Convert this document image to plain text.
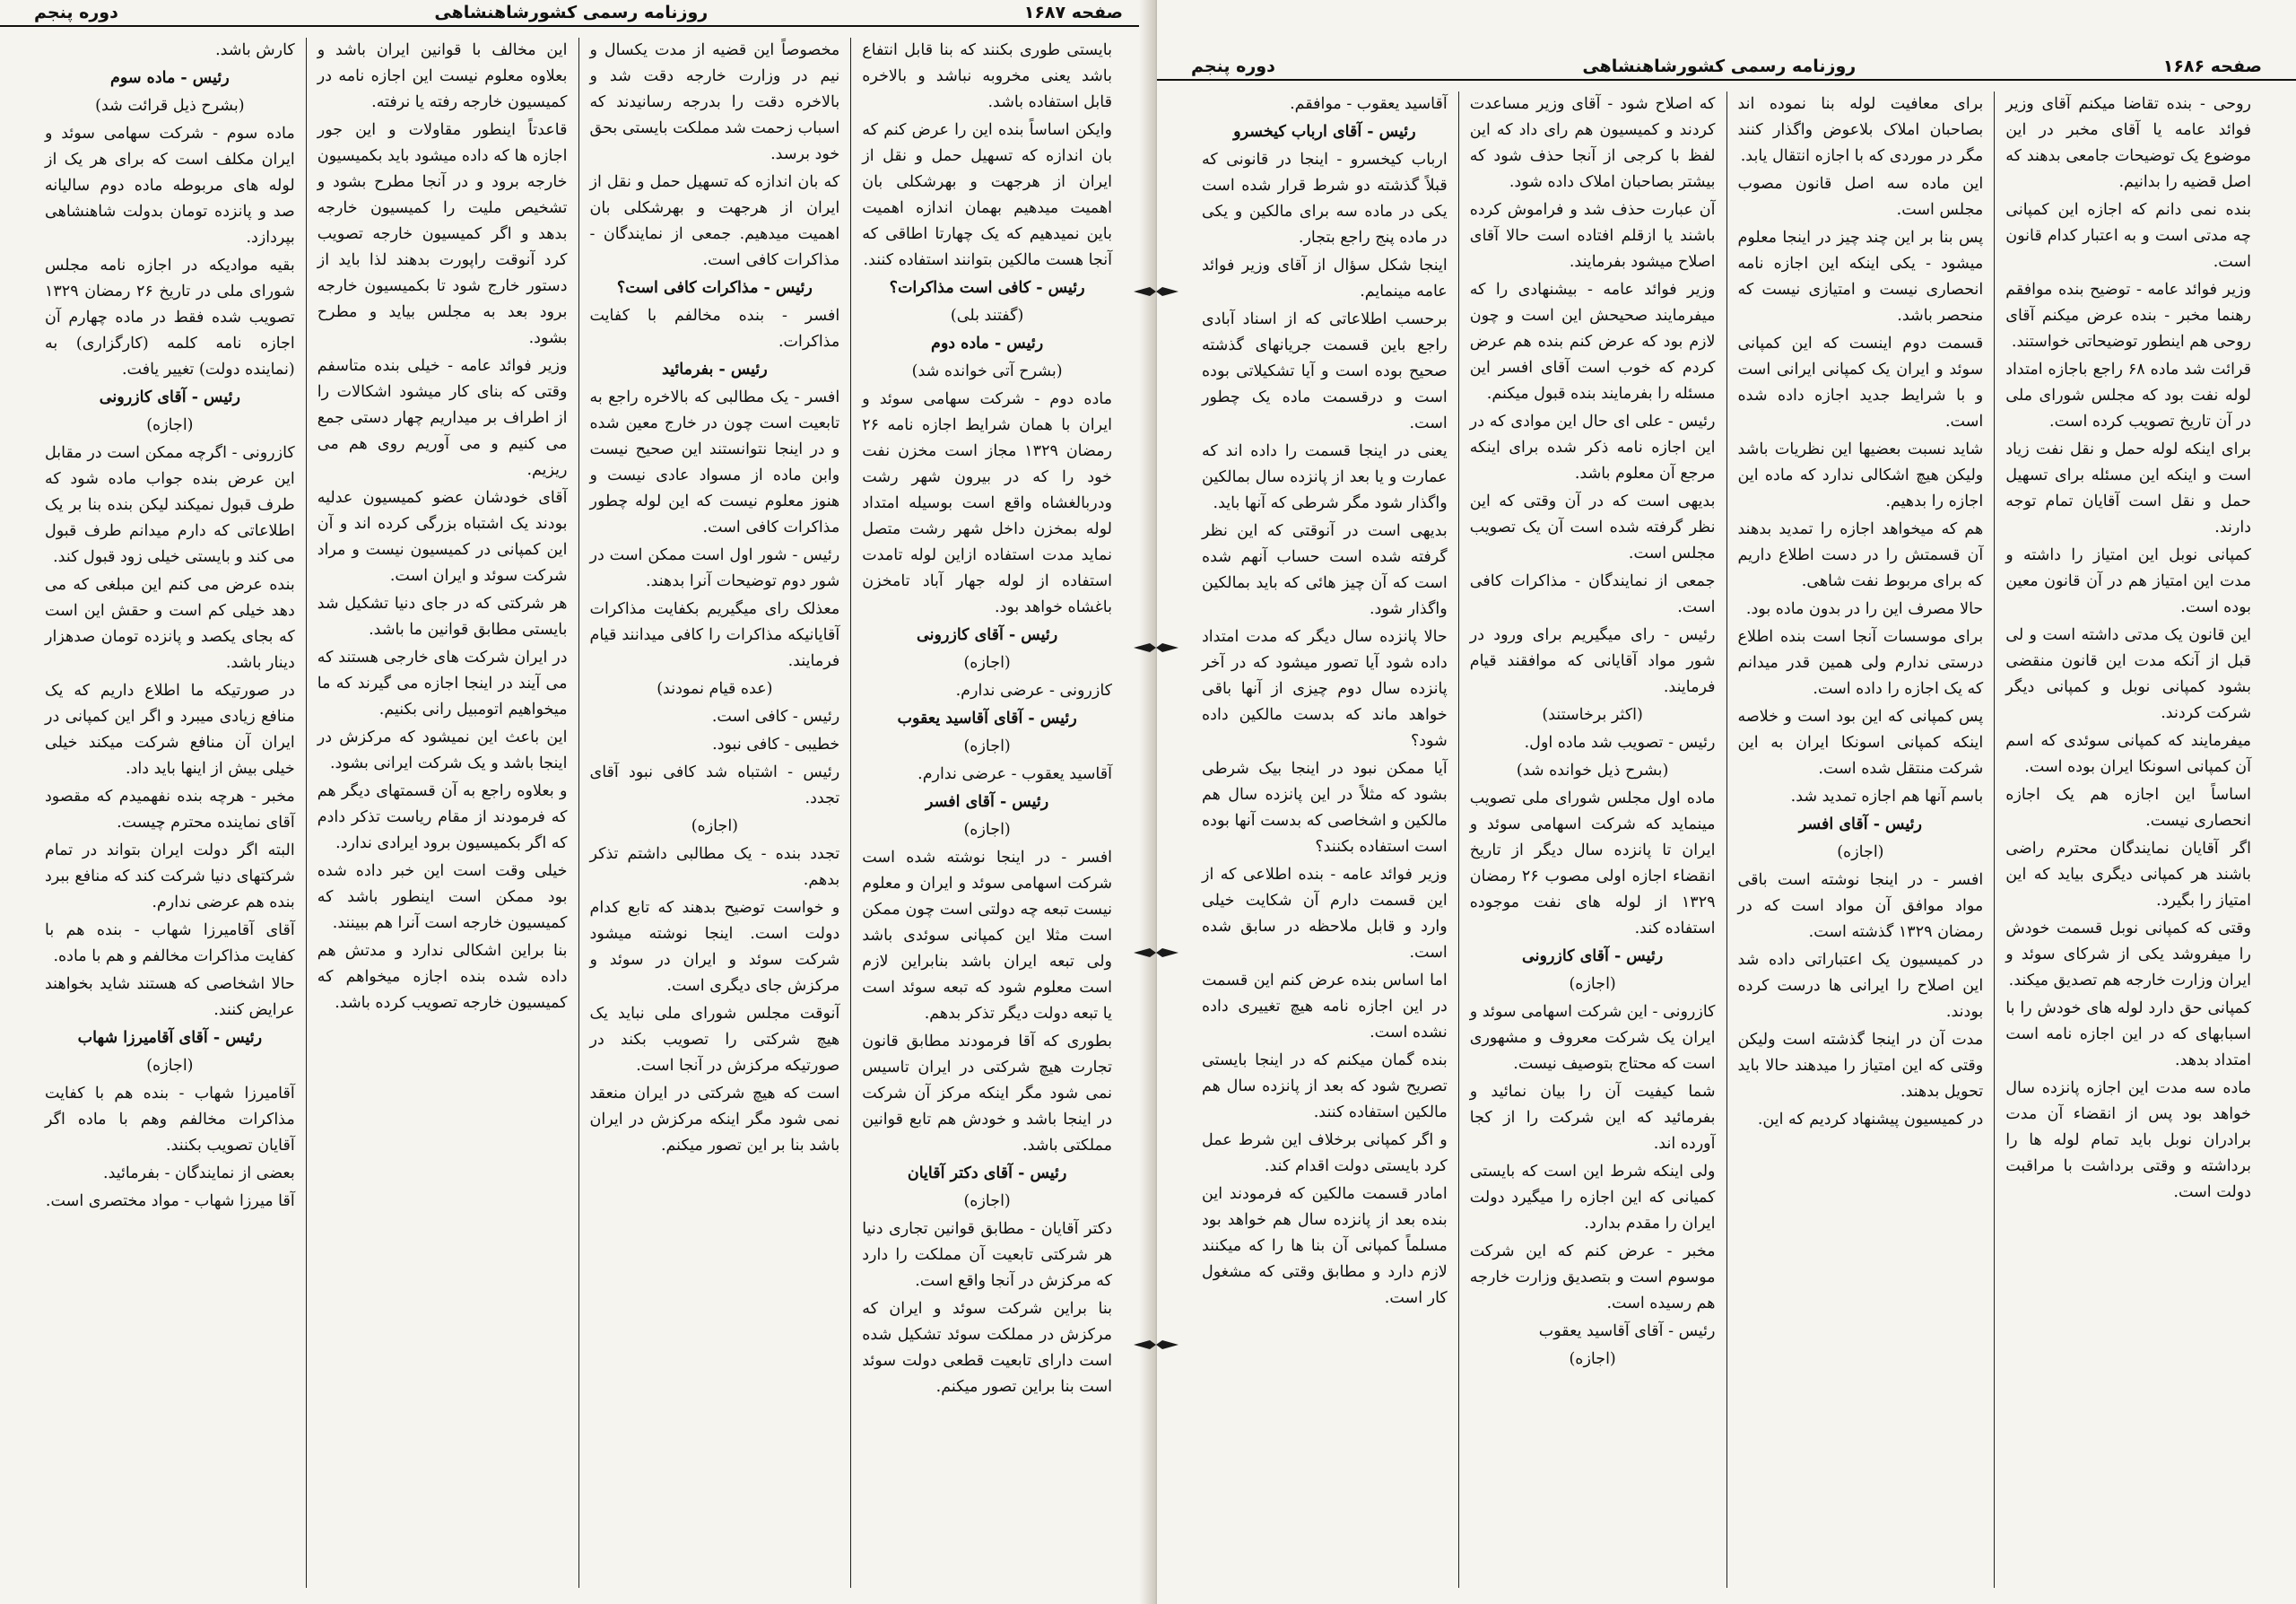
صفحه ۱۶۸۷
روزنامه رسمی کشورشاهنشاهی
دوره پنجم

بایستی طوری بکنند که بنا قابل انتفاع باشد یعنی مخروبه نباشد و بالاخره قابل استفاده باشد.

وایکن اساساً بنده این را عرض کنم که بان اندازه که تسهیل حمل و نقل از ایران از هرجهت و بهرشکلی بان اهمیت میدهیم بهمان اندازه اهمیت باین نمیدهیم که یک چهارتا اطاقی که آنجا هست مالکین بتوانند استفاده کنند.

رئیس - کافی است مذاکرات؟

(گفتند بلی)

رئیس - ماده دوم

(بشرح آتی خوانده شد)

ماده دوم - شرکت سهامی سوئد و ایران با همان شرایط اجازه نامه ۲۶ رمضان ۱۳۲۹ مجاز است مخزن نفت خود را که در بیرون شهر رشت ودربالغشاه واقع است بوسیله امتداد لوله بمخزن داخل شهر رشت متصل نماید مدت استفاده ازاین لوله تامدت استفاده از لوله جهار آباد تامخزن باغشاه خواهد بود.

رئیس - آقای کازرونی

(اجازه)

کازرونی - عرضی ندارم.

رئیس - آقای آقاسید یعقوب

(اجازه)

آقاسید یعقوب - عرضی ندارم.

رئیس - آقای افسر

(اجازه)

افسر - در اینجا نوشته شده است شرکت اسهامی سوئد و ایران و معلوم نیست تبعه چه دولتی است چون ممکن است مثلا این کمپانی سوئدی باشد ولی تبعه ایران باشد بنابراین لازم است معلوم شود که تبعه سوئد است یا تبعه دولت دیگر تذکر بدهم.

بطوری که آقا فرمودند مطابق قانون تجارت هیچ شرکتی در ایران تاسیس نمی شود مگر اینکه مرکز آن شرکت در اینجا باشد و خودش هم تابع قوانین مملکتی باشد.

رئیس - آقای دکتر آقایان

(اجازه)

دکتر آقایان - مطابق قوانین تجاری دنیا هر شرکتی تابعیت آن مملکت را دارد که مرکزش در آنجا واقع است.

بنا براین شرکت سوئد و ایران که مرکزش در مملکت سوئد تشکیل شده است دارای تابعیت قطعی دولت سوئد است بنا براین تصور میکنم.

مخصوصاً این قضیه از مدت یکسال و نیم در وزارت خارجه دقت شد و بالاخره دقت را بدرجه رسانیدند که اسباب زحمت شد مملکت بایستی بحق خود برسد.

که بان اندازه که تسهیل حمل و نقل از ایران از هرجهت و بهرشکلی بان اهمیت میدهیم. جمعی از نمایندگان - مذاکرات کافی است.

رئیس - مذاکرات کافی است؟

افسر - بنده مخالفم با کفایت مذاکرات.

رئیس - بفرمائید

افسر - یک مطالبی که بالاخره راجع به تابعیت است چون در خارج معین شده و در اینجا نتوانستند این صحیح نیست وابن ماده از مسواد عادی نیست و هنوز معلوم نیست که این لوله چطور مذاکرات کافی است.

رئیس - شور اول است ممکن است در شور دوم توضیحات آنرا بدهند.

معذلک رای میگیریم بکفایت مذاکرات آقایانیکه مذاکرات را کافی میدانند قیام فرمایند.

(عده قیام نمودند)

رئیس - کافی است.

خطیبی - کافی نبود.

رئیس - اشتباه شد کافی نبود آقای تجدد.

(اجازه)

تجدد بنده - یک مطالبی داشتم تذکر بدهم.

و خواست توضیح بدهند که تابع کدام دولت است. اینجا نوشته میشود شرکت سوئد و ایران در سوئد و مرکزش جای دیگری است.

آنوقت مجلس شورای ملی نباید یک هیچ شرکتی را تصویب بکند در صورتیکه مرکزش در آنجا است.

است که هیچ شرکتی در ایران منعقد نمی شود مگر اینکه مرکزش در ایران باشد بنا بر این تصور میکنم.

این مخالف با قوانین ایران باشد و بعلاوه معلوم نیست این اجازه نامه در کمیسیون خارجه رفته یا نرفته.

قاعدتاً اینطور مقاولات و این جور اجازه ها که داده میشود باید بکمیسیون خارجه برود و در آنجا مطرح بشود و تشخیص ملیت را کمیسیون خارجه بدهد و اگر کمیسیون خارجه تصویب کرد آنوقت راپورت بدهند لذا باید از دستور خارج شود تا بکمیسیون خارجه برود بعد به مجلس بیاید و مطرح بشود.

وزیر فوائد عامه - خیلی بنده متاسفم وقتی که بنای کار میشود اشکالات را از اطراف بر میداریم چهار دستی جمع می کنیم و می آوریم روی هم می ریزیم.

آقای خودشان عضو کمیسیون عدلیه بودند یک اشتباه بزرگی کرده اند و آن این کمپانی در کمیسیون نیست و مراد شرکت سوئد و ایران است.

هر شرکتی که در جای دنیا تشکیل شد بایستی مطابق قوانین ما باشد.

در ایران شرکت های خارجی هستند که می آیند در اینجا اجازه می گیرند که ما میخواهیم اتومبیل رانی بکنیم.

این باعث این نمیشود که مرکزش در اینجا باشد و یک شرکت ایرانی بشود.

و بعلاوه راجع به آن قسمتهای دیگر هم که فرمودند از مقام ریاست تذکر دادم که اگر بکمیسیون برود ایرادی ندارد.

خیلی وقت است این خبر داده شده بود ممکن است اینطور باشد که کمیسیون خارجه است آنرا هم ببینند.

بنا براین اشکالی ندارد و مدتش هم داده شده بنده اجازه میخواهم که کمیسیون خارجه تصویب کرده باشد.

کارش باشد.

رئیس - ماده سوم

(بشرح ذیل قرائت شد)

ماده سوم - شرکت سهامی سوئد و ایران مکلف است که برای هر یک از لوله های مربوطه ماده دوم سالیانه صد و پانزده تومان بدولت شاهنشاهی بپردازد.

بقیه موادیکه در اجازه نامه مجلس شورای ملی در تاریخ ۲۶ رمضان ۱۳۲۹ تصویب شده فقط در ماده چهارم آن اجازه نامه کلمه (کارگزاری) به (نماینده دولت) تغییر یافت.

رئیس - آقای کازرونی

(اجازه)

کازرونی - اگرچه ممکن است در مقابل این عرض بنده جواب ماده شود که طرف قبول نمیکند لیکن بنده بنا بر یک اطلاعاتی که دارم میدانم طرف قبول می کند و بایستی خیلی زود قبول کند.

بنده عرض می کنم این مبلغی که می دهد خیلی کم است و حقش این است که بجای یکصد و پانزده تومان صدهزار دینار باشد.

در صورتیکه ما اطلاع داریم که یک منافع زیادی میبرد و اگر این کمپانی در ایران آن منافع شرکت میکند خیلی خیلی بیش از اینها باید داد.

مخبر - هرچه بنده نفهمیدم که مقصود آقای نماینده محترم چیست.

البته اگر دولت ایران بتواند در تمام شرکتهای دنیا شرکت کند که منافع ببرد بنده هم عرضی ندارم.

آقای آقامیرزا شهاب - بنده هم با کفایت مذاکرات مخالفم و هم با ماده.

حالا اشخاصی که هستند شاید بخواهند عرایض کنند.

رئیس - آقای آقامیرزا شهاب

(اجازه)

آقامیرزا شهاب - بنده هم با کفایت مذاکرات مخالفم وهم با ماده اگر آقایان تصویب بکنند.

بعضی از نمایندگان - بفرمائید.

آقا میرزا شهاب - مواد مختصری است.

صفحه ۱۶۸۶
روزنامه رسمی کشورشاهنشاهی
دوره پنجم

روحی - بنده تقاضا میکنم آقای وزیر فوائد عامه یا آقای مخبر در این موضوع یک توضیحات جامعی بدهند که اصل قضیه را بدانیم.

بنده نمی دانم که اجازه این کمپانی چه مدتی است و به اعتبار کدام قانون است.

وزیر فوائد عامه - توضیح بنده موافقم رهنما مخبر - بنده عرض میکنم آقای روحی هم اینطور توضیحاتی خواستند.

قرائت شد ماده ۶۸ راجع باجازه امتداد لوله نفت بود که مجلس شورای ملی در آن تاریخ تصویب کرده است.

برای اینکه لوله حمل و نقل نفت زیاد است و اینکه این مسئله برای تسهیل حمل و نقل است آقایان تمام توجه دارند.

کمپانی نوبل این امتیاز را داشته و مدت این امتیاز هم در آن قانون معین بوده است.

این قانون یک مدتی داشته است و لی قبل از آنکه مدت این قانون منقضی بشود کمپانی نوبل و کمپانی دیگر شرکت کردند.

میفرمایند که کمپانی سوئدی که اسم آن کمپانی اسونکا ایران بوده است.

اساساً این اجازه هم یک اجازه انحصاری نیست.

اگر آقایان نمایندگان محترم راضی باشند هر کمپانی دیگری بیاید که این امتیاز را بگیرد.

وقتی که کمپانی نوبل قسمت خودش را میفروشد یکی از شرکای سوئد و ایران وزارت خارجه هم تصدیق میکند.

کمپانی حق دارد لوله های خودش را با اسبابهای که در این اجازه نامه است امتداد بدهد.

ماده سه مدت این اجازه پانزده سال خواهد بود پس از انقضاء آن مدت برادران نوبل باید تمام لوله ها را برداشته و وقتی برداشت با مراقبت دولت است.

برای معافیت لوله بنا نموده اند بصاحبان املاک بلاعوض واگذار کنند مگر در موردی که با اجازه انتقال یابد.

این ماده سه اصل قانون مصوب مجلس است.

پس بنا بر این چند چیز در اینجا معلوم میشود - یکی اینکه این اجازه نامه انحصاری نیست و امتیازی نیست که منحصر باشد.

قسمت دوم اینست که این کمپانی سوئد و ایران یک کمپانی ایرانی است و با شرایط جدید اجازه داده شده است.

شاید نسبت بعضیها این نظریات باشد ولیکن هیچ اشکالی ندارد که ماده این اجازه را بدهیم.

هم که میخواهد اجازه را تمدید بدهند آن قسمتش را در دست اطلاع داریم که برای مربوط نفت شاهی.

حالا مصرف این را در بدون ماده بود.

برای موسسات آنجا است بنده اطلاع درستی ندارم ولی همین قدر میدانم که یک اجازه را داده است.

پس کمپانی که این بود است و خلاصه اینکه کمپانی اسونکا ایران به این شرکت منتقل شده است.

باسم آنها هم اجازه تمدید شد.

رئیس - آقای افسر

(اجازه)

افسر - در اینجا نوشته است باقی مواد موافق آن مواد است که در رمضان ۱۳۲۹ گذشته است.

در کمیسیون یک اعتباراتی داده شد این اصلاح را ایرانی ها درست کرده بودند.

مدت آن در اینجا گذشته است ولیکن وقتی که این امتیاز را میدهند حالا باید تحویل بدهند.

در کمیسیون پیشنهاد کردیم که این.

که اصلاح شود - آقای وزیر مساعدت کردند و کمیسیون هم رای داد که این لفظ با کرجی از آنجا حذف شود که بیشتر بصاحبان املاک داده شود.

آن عبارت حذف شد و فراموش کرده باشند یا ازقلم افتاده است حالا آقای اصلاح میشود بفرمایند.

وزیر فوائد عامه - بیشنهادی را که میفرمایند صحیحش این است و چون لازم بود که عرض کنم بنده هم عرض کردم که خوب است آقای افسر این مسئله را بفرمایند بنده قبول میکنم.

رئیس - علی ای حال این موادی که در این اجازه نامه ذکر شده برای اینکه مرجع آن معلوم باشد.

بدیهی است که در آن وقتی که این نظر گرفته شده است آن یک تصویب مجلس است.

جمعی از نمایندگان - مذاکرات کافی است.

رئیس - رای میگیریم برای ورود در شور مواد آقایانی که موافقند قیام فرمایند.

(اکثر برخاستند)

رئیس - تصویب شد ماده اول.

(بشرح ذیل خوانده شد)

ماده اول مجلس شورای ملی تصویب مینماید که شرکت اسهامی سوئد و ایران تا پانزده سال دیگر از تاریخ انقضاء اجازه اولی مصوب ۲۶ رمضان ۱۳۲۹ از لوله های نفت موجوده استفاده کند.

رئیس - آقای کازرونی

(اجازه)

کازرونی - این شرکت اسهامی سوئد و ایران یک شرکت معروف و مشهوری است که محتاج بتوصیف نیست.

شما کیفیت آن را بیان نمائید و بفرمائید که این شرکت را از کجا آورده اند.

ولی اینکه شرط این است که بایستی کمیانی که این اجازه را میگیرد دولت ایران را مقدم بدارد.

مخبر - عرض کنم که این شرکت موسوم است و بتصدیق وزارت خارجه هم رسیده است.

رئیس - آقای آقاسید یعقوب

(اجازه)

آقاسید یعقوب - موافقم.

رئیس - آقای ارباب کیخسرو

ارباب کیخسرو - اینجا در قانونی که قبلاً گذشته دو شرط قرار شده است یکی در ماده سه برای مالکین و یکی در ماده پنج راجع بتجار.

اینجا شکل سؤال از آقای وزیر فوائد عامه مینمایم.

برحسب اطلاعاتی که از اسناد آبادی راجع باین قسمت جریانهای گذشته صحیح بوده است و آیا تشکیلاتی بوده است و درقسمت ماده یک چطور است.

یعنی در اینجا قسمت را داده اند که عمارت و یا بعد از پانزده سال بمالکین واگذار شود مگر شرطی که آنها باید.

بدیهی است در آنوقتی که این نظر گرفته شده است حساب آنهم شده است که آن چیز هائی که باید بمالکین واگذار شود.

حالا پانزده سال دیگر که مدت امتداد داده شود آیا تصور میشود که در آخر پانزده سال دوم چیزی از آنها باقی خواهد ماند که بدست مالکین داده شود؟

آیا ممکن نبود در اینجا بیک شرطی بشود که مثلاً در این پانزده سال هم مالکین و اشخاصی که بدست آنها بوده است استفاده بکنند؟

وزیر فوائد عامه - بنده اطلاعی که از این قسمت دارم آن شکایت خیلی وارد و قابل ملاحظه در سابق شده است.

اما اساس بنده عرض کنم این قسمت در این اجازه نامه هیچ تغییری داده نشده است.

بنده گمان میکنم که در اینجا بایستی تصریح شود که بعد از پانزده سال هم مالکین استفاده کنند.

و اگر کمپانی برخلاف این شرط عمل کرد بایستی دولت اقدام کند.

امادر قسمت مالکین که فرمودند این بنده بعد از پانزده سال هم خواهد بود مسلماً کمپانی آن بنا ها را که میکنند لازم دارد و مطابق وقتی که مشغول کار است.
